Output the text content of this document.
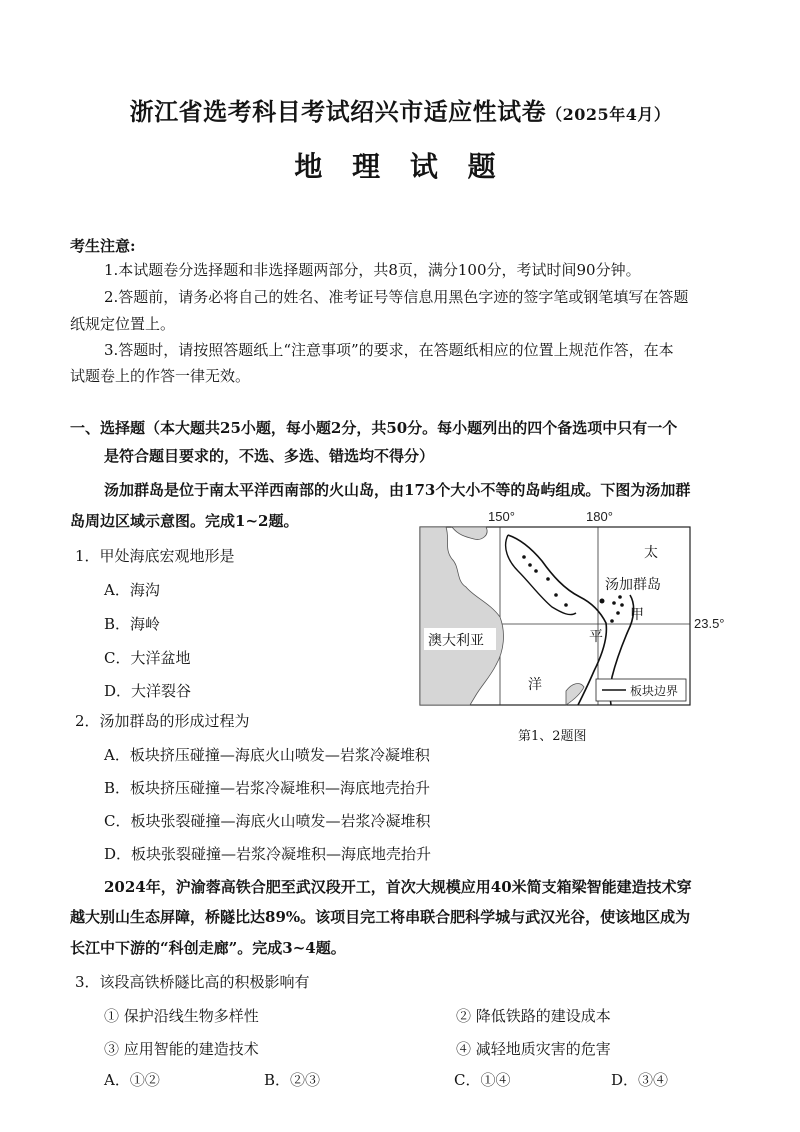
浙江省选考科目考试绍兴市适应性试卷（2025年4月）
地 理 试 题
考生注意:
1.本试题卷分选择题和非选择题两部分，共8页，满分100分，考试时间90分钟。
2.答题前，请务必将自己的姓名、准考证号等信息用黑色字迹的签字笔或钢笔填写在答题
纸规定位置上。
3.答题时，请按照答题纸上“注意事项”的要求，在答题纸相应的位置上规范作答，在本
试题卷上的作答一律无效。
一、选择题（本大题共25小题，每小题2分，共50分。每小题列出的四个备选项中只有一个
是符合题目要求的，不选、多选、错选均不得分）
汤加群岛是位于南太平洋西南部的火山岛，由173个大小不等的岛屿组成。下图为汤加群
岛周边区域示意图。完成1~2题。
1．甲处海底宏观地形是
A．海沟
B．海岭
C．大洋盆地
D．大洋裂谷
2．汤加群岛的形成过程为
A．板块挤压碰撞—海底火山喷发—岩浆冷凝堆积
B．板块挤压碰撞—岩浆冷凝堆积—海底地壳抬升
C．板块张裂碰撞—海底火山喷发—岩浆冷凝堆积
D．板块张裂碰撞—岩浆冷凝堆积—海底地壳抬升
150°	180°
23.5°
太
汤加群岛
甲
平
洋
澳大利亚
板块边界
第1、2题图
2024年，沪渝蓉高铁合肥至武汉段开工，首次大规模应用40米简支箱梁智能建造技术穿
越大别山生态屏障，桥隧比达89%。该项目完工将串联合肥科学城与武汉光谷，使该地区成为
长江中下游的“科创走廊”。完成3~4题。
3．该段高铁桥隧比高的积极影响有
① 保护沿线生物多样性	② 降低铁路的建设成本
③ 应用智能的建造技术	④ 减轻地质灾害的危害
A．①②	B．②③	C．①④	D．③④
